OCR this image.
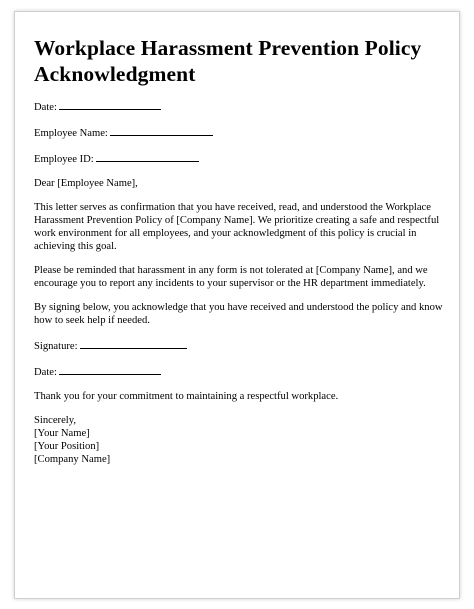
Workplace Harassment Prevention Policy Acknowledgment

Date:

Employee Name:

Employee ID:

Dear [Employee Name],

This letter serves as confirmation that you have received, read, and understood the Workplace Harassment Prevention Policy of [Company Name]. We prioritize creating a safe and respectful work environment for all employees, and your acknowledgment of this policy is crucial in achieving this goal.

Please be reminded that harassment in any form is not tolerated at [Company Name], and we encourage you to report any incidents to your supervisor or the HR department immediately.

By signing below, you acknowledge that you have received and understood the policy and know how to seek help if needed.

Signature:

Date:

Thank you for your commitment to maintaining a respectful workplace.

Sincerely,
[Your Name]
[Your Position]
[Company Name]
